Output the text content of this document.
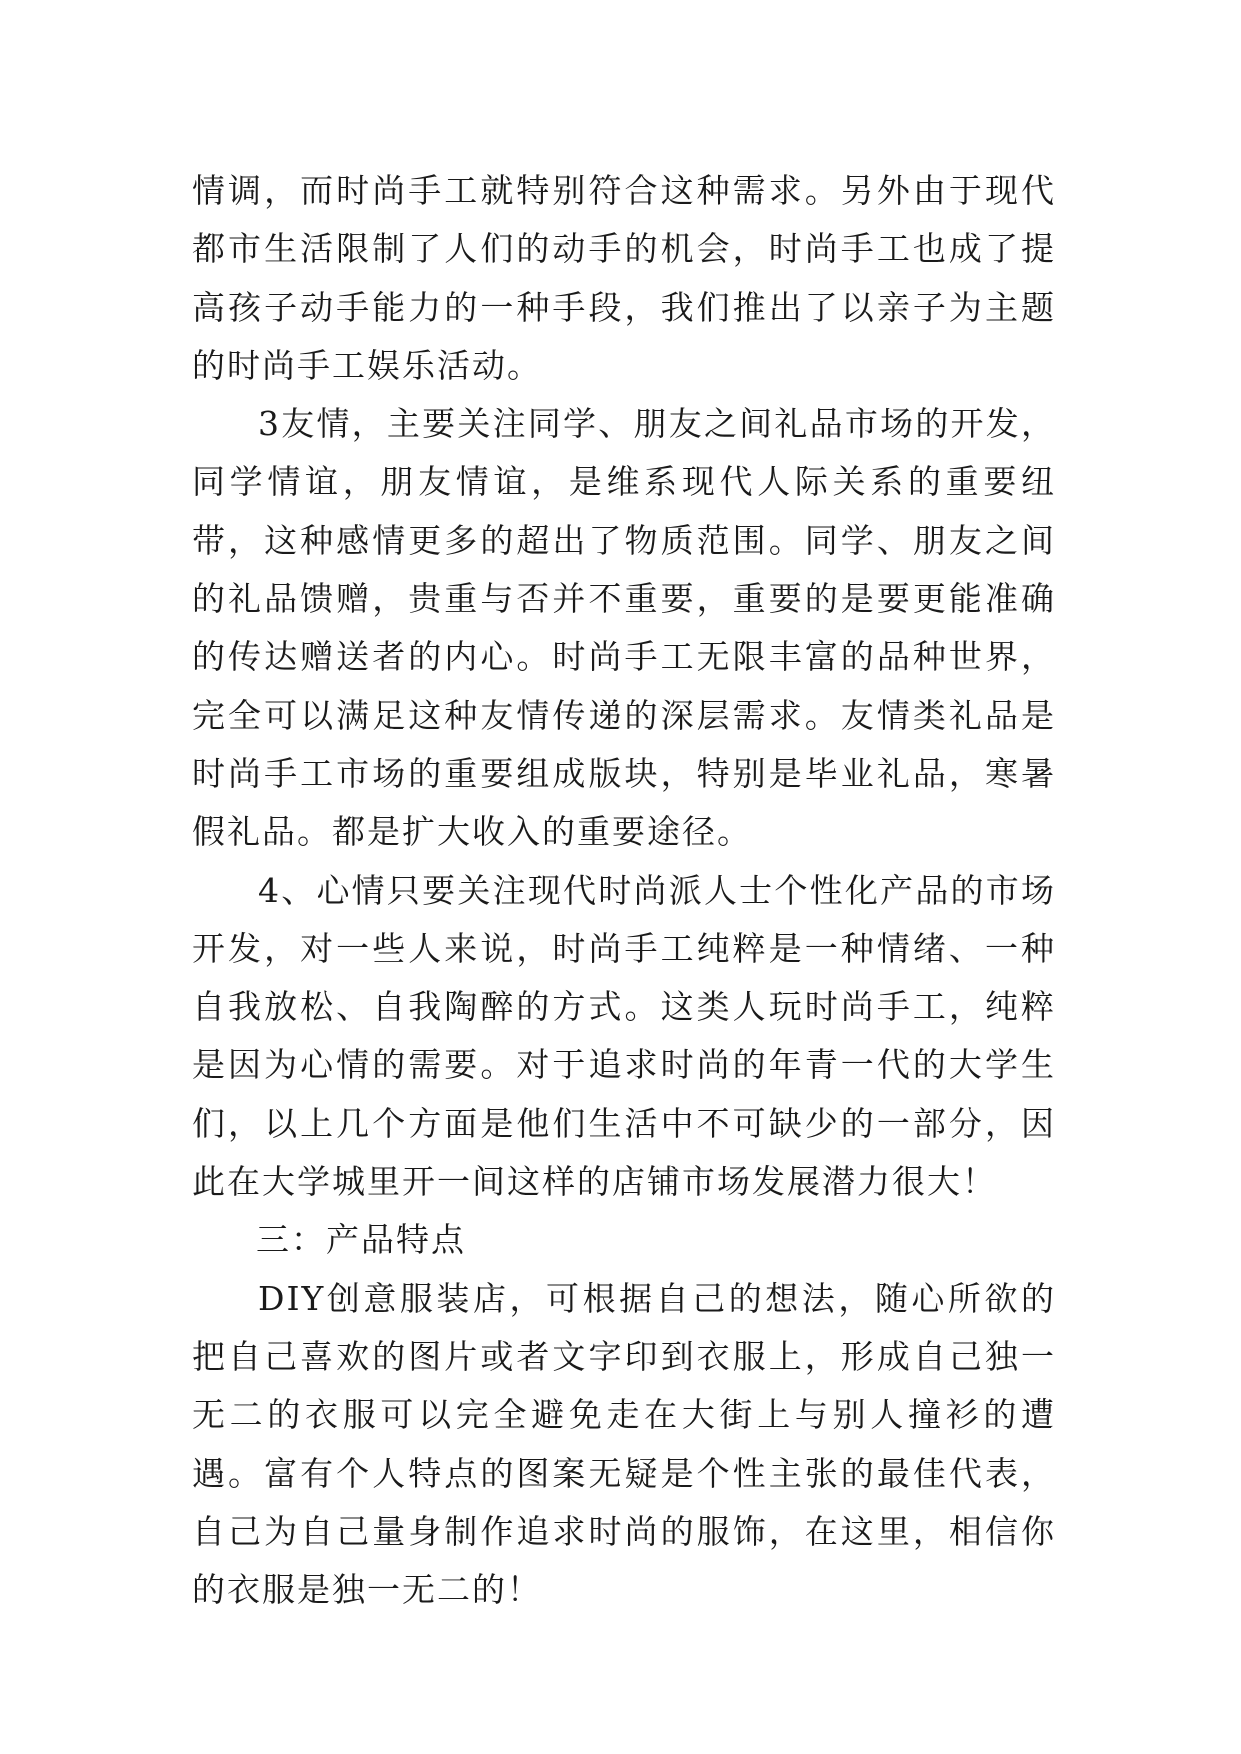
情调，而时尚手工就特别符合这种需求。另外由于现代都市生活限制了人们的动手的机会，时尚手工也成了提高孩子动手能力的一种手段，我们推出了以亲子为主题的时尚手工娱乐活动。

3友情，主要关注同学、朋友之间礼品市场的开发，同学情谊，朋友情谊，是维系现代人际关系的重要纽带，这种感情更多的超出了物质范围。同学、朋友之间的礼品馈赠，贵重与否并不重要，重要的是要更能准确的传达赠送者的内心。时尚手工无限丰富的品种世界，完全可以满足这种友情传递的深层需求。友情类礼品是时尚手工市场的重要组成版块，特别是毕业礼品，寒暑假礼品。都是扩大收入的重要途径。

4、心情只要关注现代时尚派人士个性化产品的市场开发，对一些人来说，时尚手工纯粹是一种情绪、一种自我放松、自我陶醉的方式。这类人玩时尚手工，纯粹是因为心情的需要。对于追求时尚的年青一代的大学生们，以上几个方面是他们生活中不可缺少的一部分，因此在大学城里开一间这样的店铺市场发展潜力很大！

三：产品特点

DIY创意服装店，可根据自己的想法，随心所欲的把自己喜欢的图片或者文字印到衣服上，形成自己独一无二的衣服可以完全避免走在大街上与别人撞衫的遭遇。富有个人特点的图案无疑是个性主张的最佳代表，自己为自己量身制作追求时尚的服饰，在这里，相信你的衣服是独一无二的！
